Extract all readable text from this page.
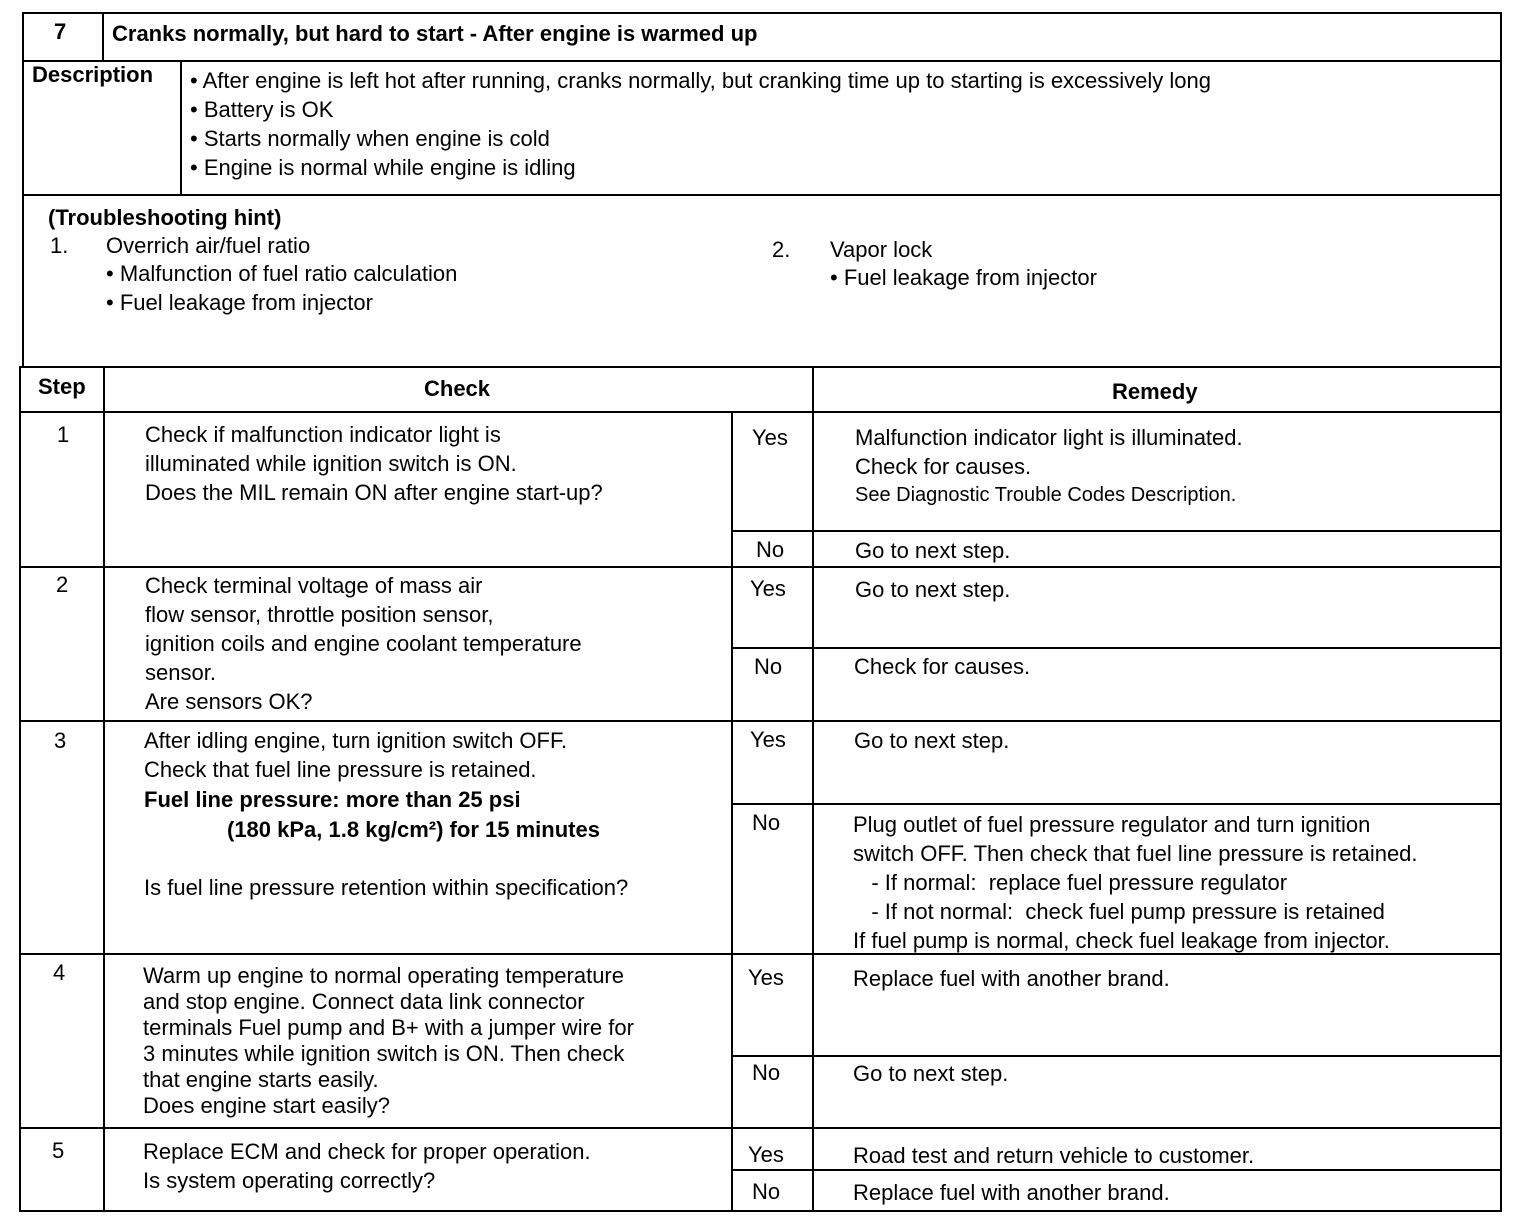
7 Cranks normally, but hard to start - After engine is warmed up
Description • After engine is left hot after running, cranks normally, but cranking time up to starting is excessively long
• Battery is OK
• Starts normally when engine is cold
• Engine is normal while engine is idling
(Troubleshooting hint)
1. Overrich air/fuel ratio
• Malfunction of fuel ratio calculation
• Fuel leakage from injector
2. Vapor lock
• Fuel leakage from injector
Step	Check	Remedy
1	Check if malfunction indicator light is
illuminated while ignition switch is ON.
Does the MIL remain ON after engine start-up?
Yes	Malfunction indicator light is illuminated.
Check for causes.
See Diagnostic Trouble Codes Description.
No	Go to next step.
2	Check terminal voltage of mass air
flow sensor, throttle position sensor,
ignition coils and engine coolant temperature
sensor.
Are sensors OK?
Yes	Go to next step.
No	Check for causes.
3	After idling engine, turn ignition switch OFF.
Check that fuel line pressure is retained.
Fuel line pressure: more than 25 psi
(180 kPa, 1.8 kg/cm²) for 15 minutes
Is fuel line pressure retention within specification?
Yes	Go to next step.
No	Plug outlet of fuel pressure regulator and turn ignition
switch OFF. Then check that fuel line pressure is retained.
- If normal:  replace fuel pressure regulator
- If not normal:  check fuel pump pressure is retained
If fuel pump is normal, check fuel leakage from injector.
4	Warm up engine to normal operating temperature
and stop engine. Connect data link connector
terminals Fuel pump and B+ with a jumper wire for
3 minutes while ignition switch is ON. Then check
that engine starts easily.
Does engine start easily?
Yes	Replace fuel with another brand.
No	Go to next step.
5	Replace ECM and check for proper operation.
Is system operating correctly?
Yes	Road test and return vehicle to customer.
No	Replace fuel with another brand.
